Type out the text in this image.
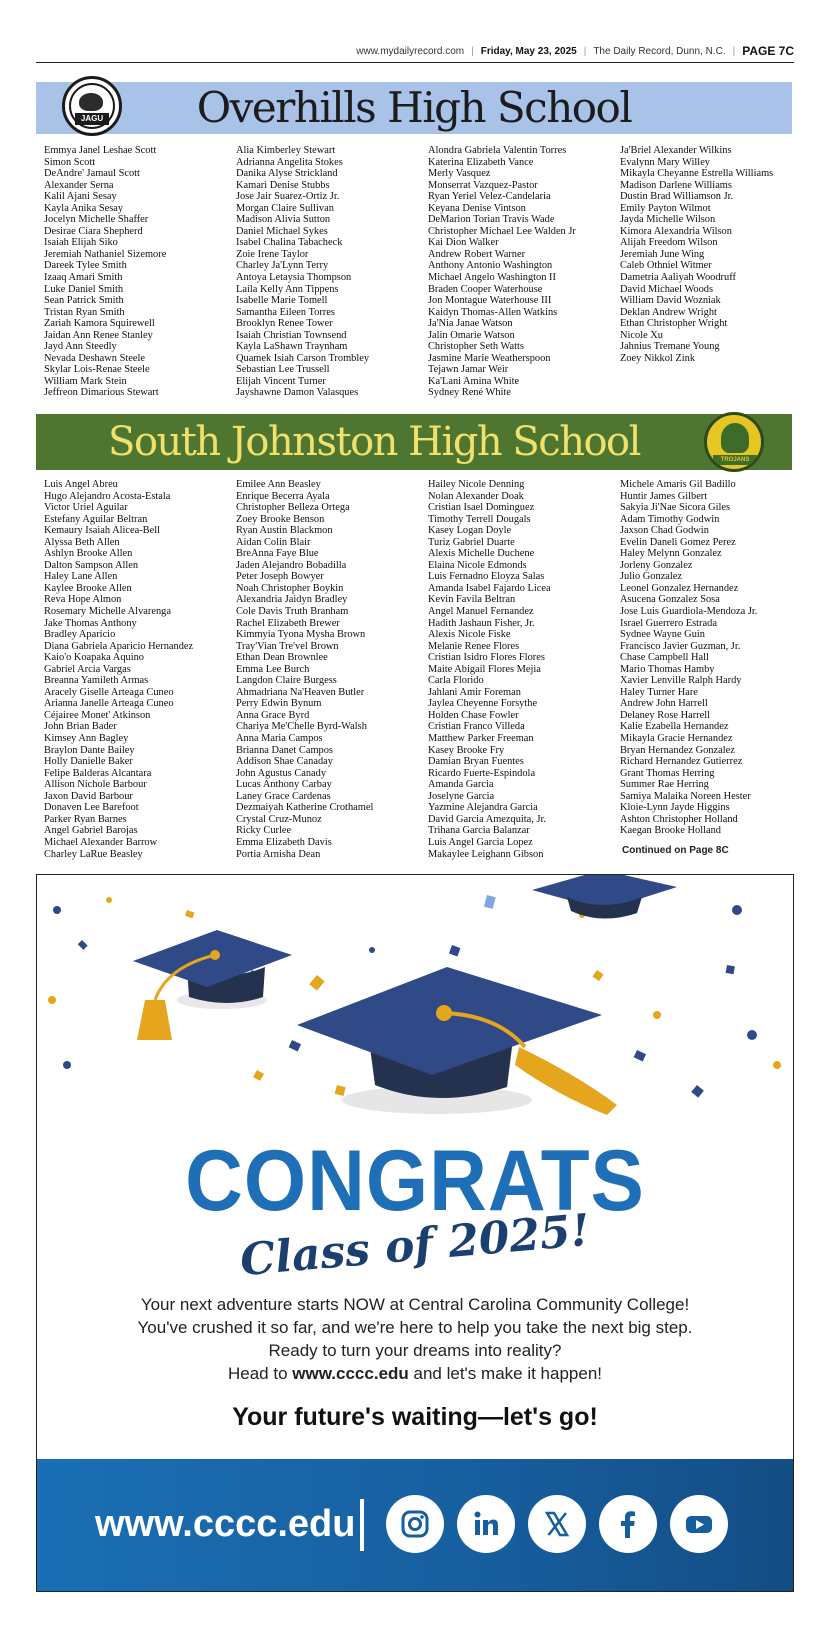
www.mydailyrecord.com | Friday, May 23, 2025 | The Daily Record, Dunn, N.C. | PAGE 7C
JAGU	Overhills High School
Emmya Janel Leshae Scott
Simon Scott
DeAndre' Jamaul Scott
Alexander Serna
Kalil Ajani Sesay
Kayla Anika Sesay
Jocelyn Michelle Shaffer
Desirae Ciara Shepherd
Isaiah Elijah Siko
Jeremiah Nathaniel Sizemore
Dareek Tylee Smith
Izaaq Amari Smith
Luke Daniel Smith
Sean Patrick Smith
Tristan Ryan Smith
Zariah Kamora Squirewell
Jaidan Ann Renee Stanley
Jayd Ann Steedly
Nevada Deshawn Steele
Skylar Lois-Renae Steele
William Mark Stein
Jeffreon Dimarious Stewart
Alia Kimberley Stewart
Adrianna Angelita Stokes
Danika Alyse Strickland
Kamari Denise Stubbs
Jose Jair Suarez-Ortiz Jr.
Morgan Claire Sullivan
Madison Alivia Sutton
Daniel Michael Sykes
Isabel Chalina Tabacheck
Zoie Irene Taylor
Charley Ja'Lynn Terry
Antoya Letaysia Thompson
Laila Kelly Ann Tippens
Isabelle Marie Tomell
Samantha Eileen Torres
Brooklyn Renee Tower
Isaiah Christian Townsend
Kayla LaShawn Traynham
Quamek Isiah Carson Trombley
Sebastian Lee Trussell
Elijah Vincent Turner
Jayshawne Damon Valasques
Alondra Gabriela Valentin Torres
Katerina Elizabeth Vance
Merly Vasquez
Monserrat Vazquez-Pastor
Ryan Yeriel Velez-Candelaria
Keyana Denise Vintson
DeMarion Torian Travis Wade
Christopher Michael Lee Walden Jr
Kai Dion Walker
Andrew Robert Warner
Anthony Antonio Washington
Michael Angelo Washington II
Braden Cooper Waterhouse
Jon Montague Waterhouse III
Kaidyn Thomas-Allen Watkins
Ja'Nia Janae Watson
Jalin Omarie Watson
Christopher Seth Watts
Jasmine Marie Weatherspoon
Tejawn Jamar Weir
Ka'Lani Amina White
Sydney René White
Ja'Briel Alexander Wilkins
Evalynn Mary Willey
Mikayla Cheyanne Estrella Williams
Madison Darlene Williams
Dustin Brad Williamson Jr.
Emily Payton Wilmot
Jayda Michelle Wilson
Kimora Alexandria Wilson
Alijah Freedom Wilson
Jeremiah June Wing
Caleb Othniel Witmer
Dametria Aaliyah Woodruff
David Michael Woods
William David Wozniak
Deklan Andrew Wright
Ethan Christopher Wright
Nicole Xu
Jahnius Tremane Young
Zoey Nikkol Zink
South Johnston High School	TROJANS
Luis Angel Abreu
Hugo Alejandro Acosta-Estala
Victor Uriel Aguilar
Estefany Aguilar Beltran
Kemaury Isaiah Alicea-Bell
Alyssa Beth Allen
Ashlyn Brooke Allen
Dalton Sampson Allen
Haley Lane Allen
Kaylee Brooke Allen
Reva Hope Almon
Rosemary Michelle Alvarenga
Jake Thomas Anthony
Bradley Aparicio
Diana Gabriela Aparicio Hernandez
Kaio'o Koapaka Aquino
Gabriel Arcia Vargas
Breanna Yamileth Armas
Aracely Giselle Arteaga Cuneo
Arianna Janelle Arteaga Cuneo
Céjairee Monet' Atkinson
John Brian Bader
Kimsey Ann Bagley
Braylon Dante Bailey
Holly Danielle Baker
Felipe Balderas Alcantara
Allison Nichole Barbour
Jaxon David Barbour
Donaven Lee Barefoot
Parker Ryan Barnes
Angel Gabriel Barojas
Michael Alexander Barrow
Charley LaRue Beasley
Emilee Ann Beasley
Enrique Becerra Ayala
Christopher Belleza Ortega
Zoey Brooke Benson
Ryan Austin Blackmon
Aidan Colin Blair
BreAnna Faye Blue
Jaden Alejandro Bobadilla
Peter Joseph Bowyer
Noah Christopher Boykin
Alexandria Jaidyn Bradley
Cole Davis Truth Branham
Rachel Elizabeth Brewer
Kimmyia Tyona Mysha Brown
Tray'Vian Tre'vel Brown
Ethan Dean Brownlee
Emma Lee Burch
Langdon Claire Burgess
Ahmadriana Na'Heaven Butler
Perry Edwin Bynum
Anna Grace Byrd
Chariya Me'Chelle Byrd-Walsh
Anna Maria Campos
Brianna Danet Campos
Addison Shae Canaday
John Agustus Canady
Lucas Anthony Carbay
Laney Grace Cardenas
Dezmaiyah Katherine Crothamel
Crystal Cruz-Munoz
Ricky Curlee
Emma Elizabeth Davis
Portia Arnisha Dean
Hailey Nicole Denning
Nolan Alexander Doak
Cristian Isael Dominguez
Timothy Terrell Dougals
Kasey Logan Doyle
Turiz Gabriel Duarte
Alexis Michelle Duchene
Elaina Nicole Edmonds
Luis Fernadno Eloyza Salas
Amanda Isabel Fajardo Licea
Kevin Favila Beltran
Angel Manuel Fernandez
Hadith Jashaun Fisher, Jr.
Alexis Nicole Fiske
Melanie Renee Flores
Cristian Isidro Flores Flores
Maite Abigail Flores Mejia
Carla Florido
Jahlani Amir Foreman
Jaylea Cheyenne Forsythe
Holden Chase Fowler
Cristian Franco Villeda
Matthew Parker Freeman
Kasey Brooke Fry
Damian Bryan Fuentes
Ricardo Fuerte-Espindola
Amanda Garcia
Joselyne Garcia
Yazmine Alejandra Garcia
David Garcia Amezquita, Jr.
Trihana Garcia Balanzar
Luis Angel Garcia Lopez
Makaylee Leighann Gibson
Michele Amaris Gil Badillo
Huntir James Gilbert
Sakyia Ji'Nae Sicora Giles
Adam Timothy Godwin
Jaxson Chad Godwin
Evelin Daneli Gomez Perez
Haley Melynn Gonzalez
Jorleny Gonzalez
Julio Gonzalez
Leonel Gonzalez Hernandez
Asucena Gonzalez Sosa
Jose Luis Guardiola-Mendoza Jr.
Israel Guerrero Estrada
Sydnee Wayne Guin
Francisco Javier Guzman, Jr.
Chase Campbell Hall
Mario Thomas Hamby
Xavier Lenville Ralph Hardy
Haley Turner Hare
Andrew John Harrell
Delaney Rose Harrell
Kalie Ezabella Hernandez
Mikayla Gracie Hernandez
Bryan Hernandez Gonzalez
Richard Hernandez Gutierrez
Grant Thomas Herring
Summer Rae Herring
Samiya Malaika Noreen Hester
Kloie-Lynn Jayde Higgins
Ashton Christopher Holland
Kaegan Brooke Holland
Continued on Page 8C
CONGRATS
Class of 2025!
Your next adventure starts NOW at Central Carolina Community College!
You've crushed it so far, and we're here to help you take the next big step.
Ready to turn your dreams into reality?
Head to www.cccc.edu and let's make it happen!
Your future's waiting—let's go!
www.cccc.edu
